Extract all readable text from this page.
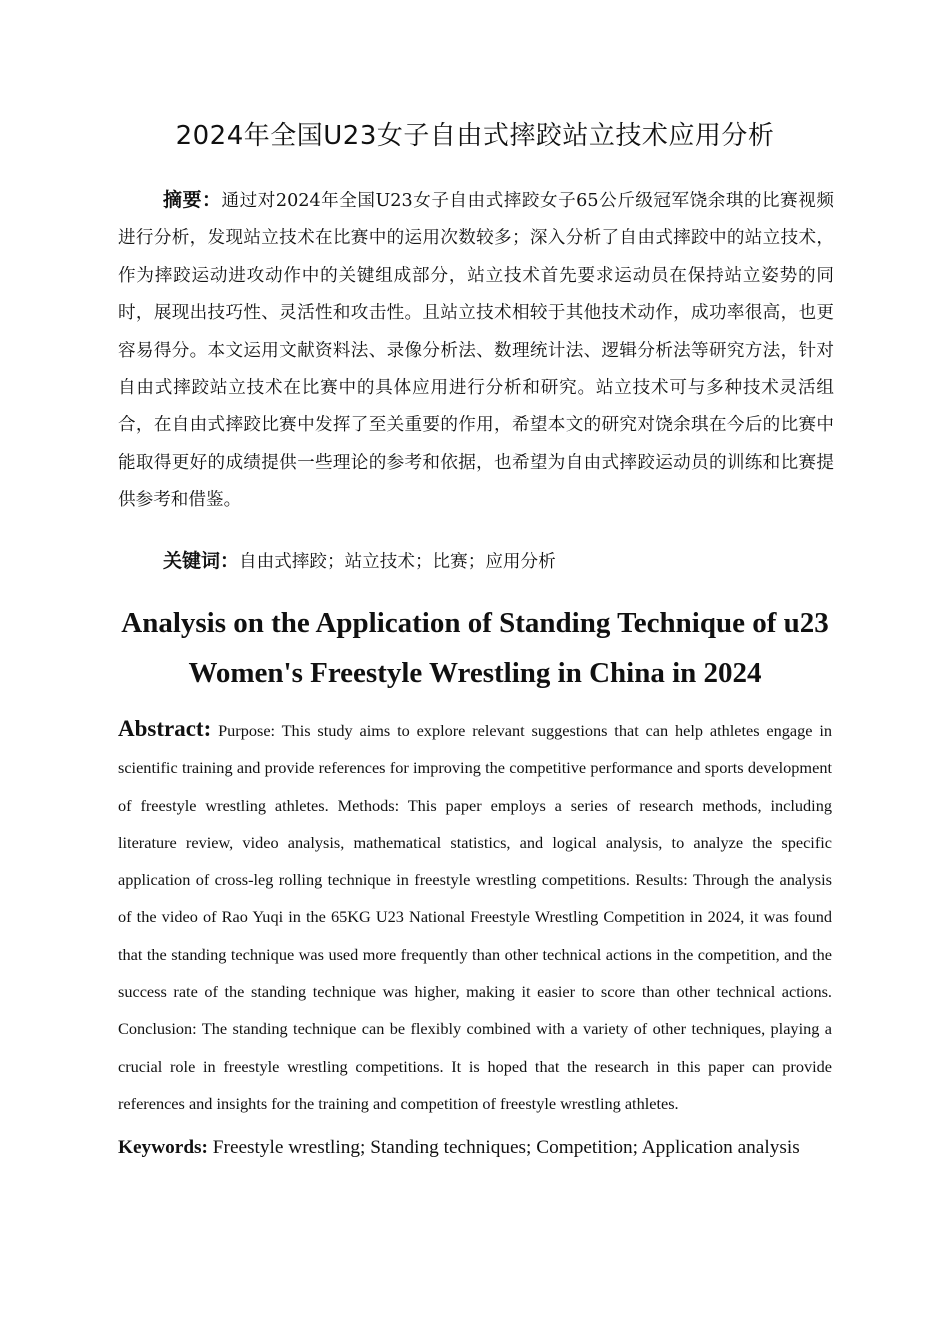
2024年全国U23女子自由式摔跤站立技术应用分析

摘要：通过对2024年全国U23女子自由式摔跤女子65公斤级冠军饶余琪的比赛视频进行分析，发现站立技术在比赛中的运用次数较多；深入分析了自由式摔跤中的站立技术，作为摔跤运动进攻动作中的关键组成部分，站立技术首先要求运动员在保持站立姿势的同时，展现出技巧性、灵活性和攻击性。且站立技术相较于其他技术动作，成功率很高，也更容易得分。本文运用文献资料法、录像分析法、数理统计法、逻辑分析法等研究方法，针对自由式摔跤站立技术在比赛中的具体应用进行分析和研究。站立技术可与多种技术灵活组合，在自由式摔跤比赛中发挥了至关重要的作用，希望本文的研究对饶余琪在今后的比赛中能取得更好的成绩提供一些理论的参考和依据，也希望为自由式摔跤运动员的训练和比赛提供参考和借鉴。

关键词：自由式摔跤；站立技术；比赛；应用分析

Analysis on the Application of Standing Technique of u23 Women's Freestyle Wrestling in China in 2024

Abstract: Purpose: This study aims to explore relevant suggestions that can help athletes engage in scientific training and provide references for improving the competitive performance and sports development of freestyle wrestling athletes. Methods: This paper employs a series of research methods, including literature review, video analysis, mathematical statistics, and logical analysis, to analyze the specific application of cross-leg rolling technique in freestyle wrestling competitions. Results: Through the analysis of the video of Rao Yuqi in the 65KG U23 National Freestyle Wrestling Competition in 2024, it was found that the standing technique was used more frequently than other technical actions in the competition, and the success rate of the standing technique was higher, making it easier to score than other technical actions. Conclusion: The standing technique can be flexibly combined with a variety of other techniques, playing a crucial role in freestyle wrestling competitions. It is hoped that the research in this paper can provide references and insights for the training and competition of freestyle wrestling athletes.

Keywords: Freestyle wrestling; Standing techniques; Competition; Application analysis
